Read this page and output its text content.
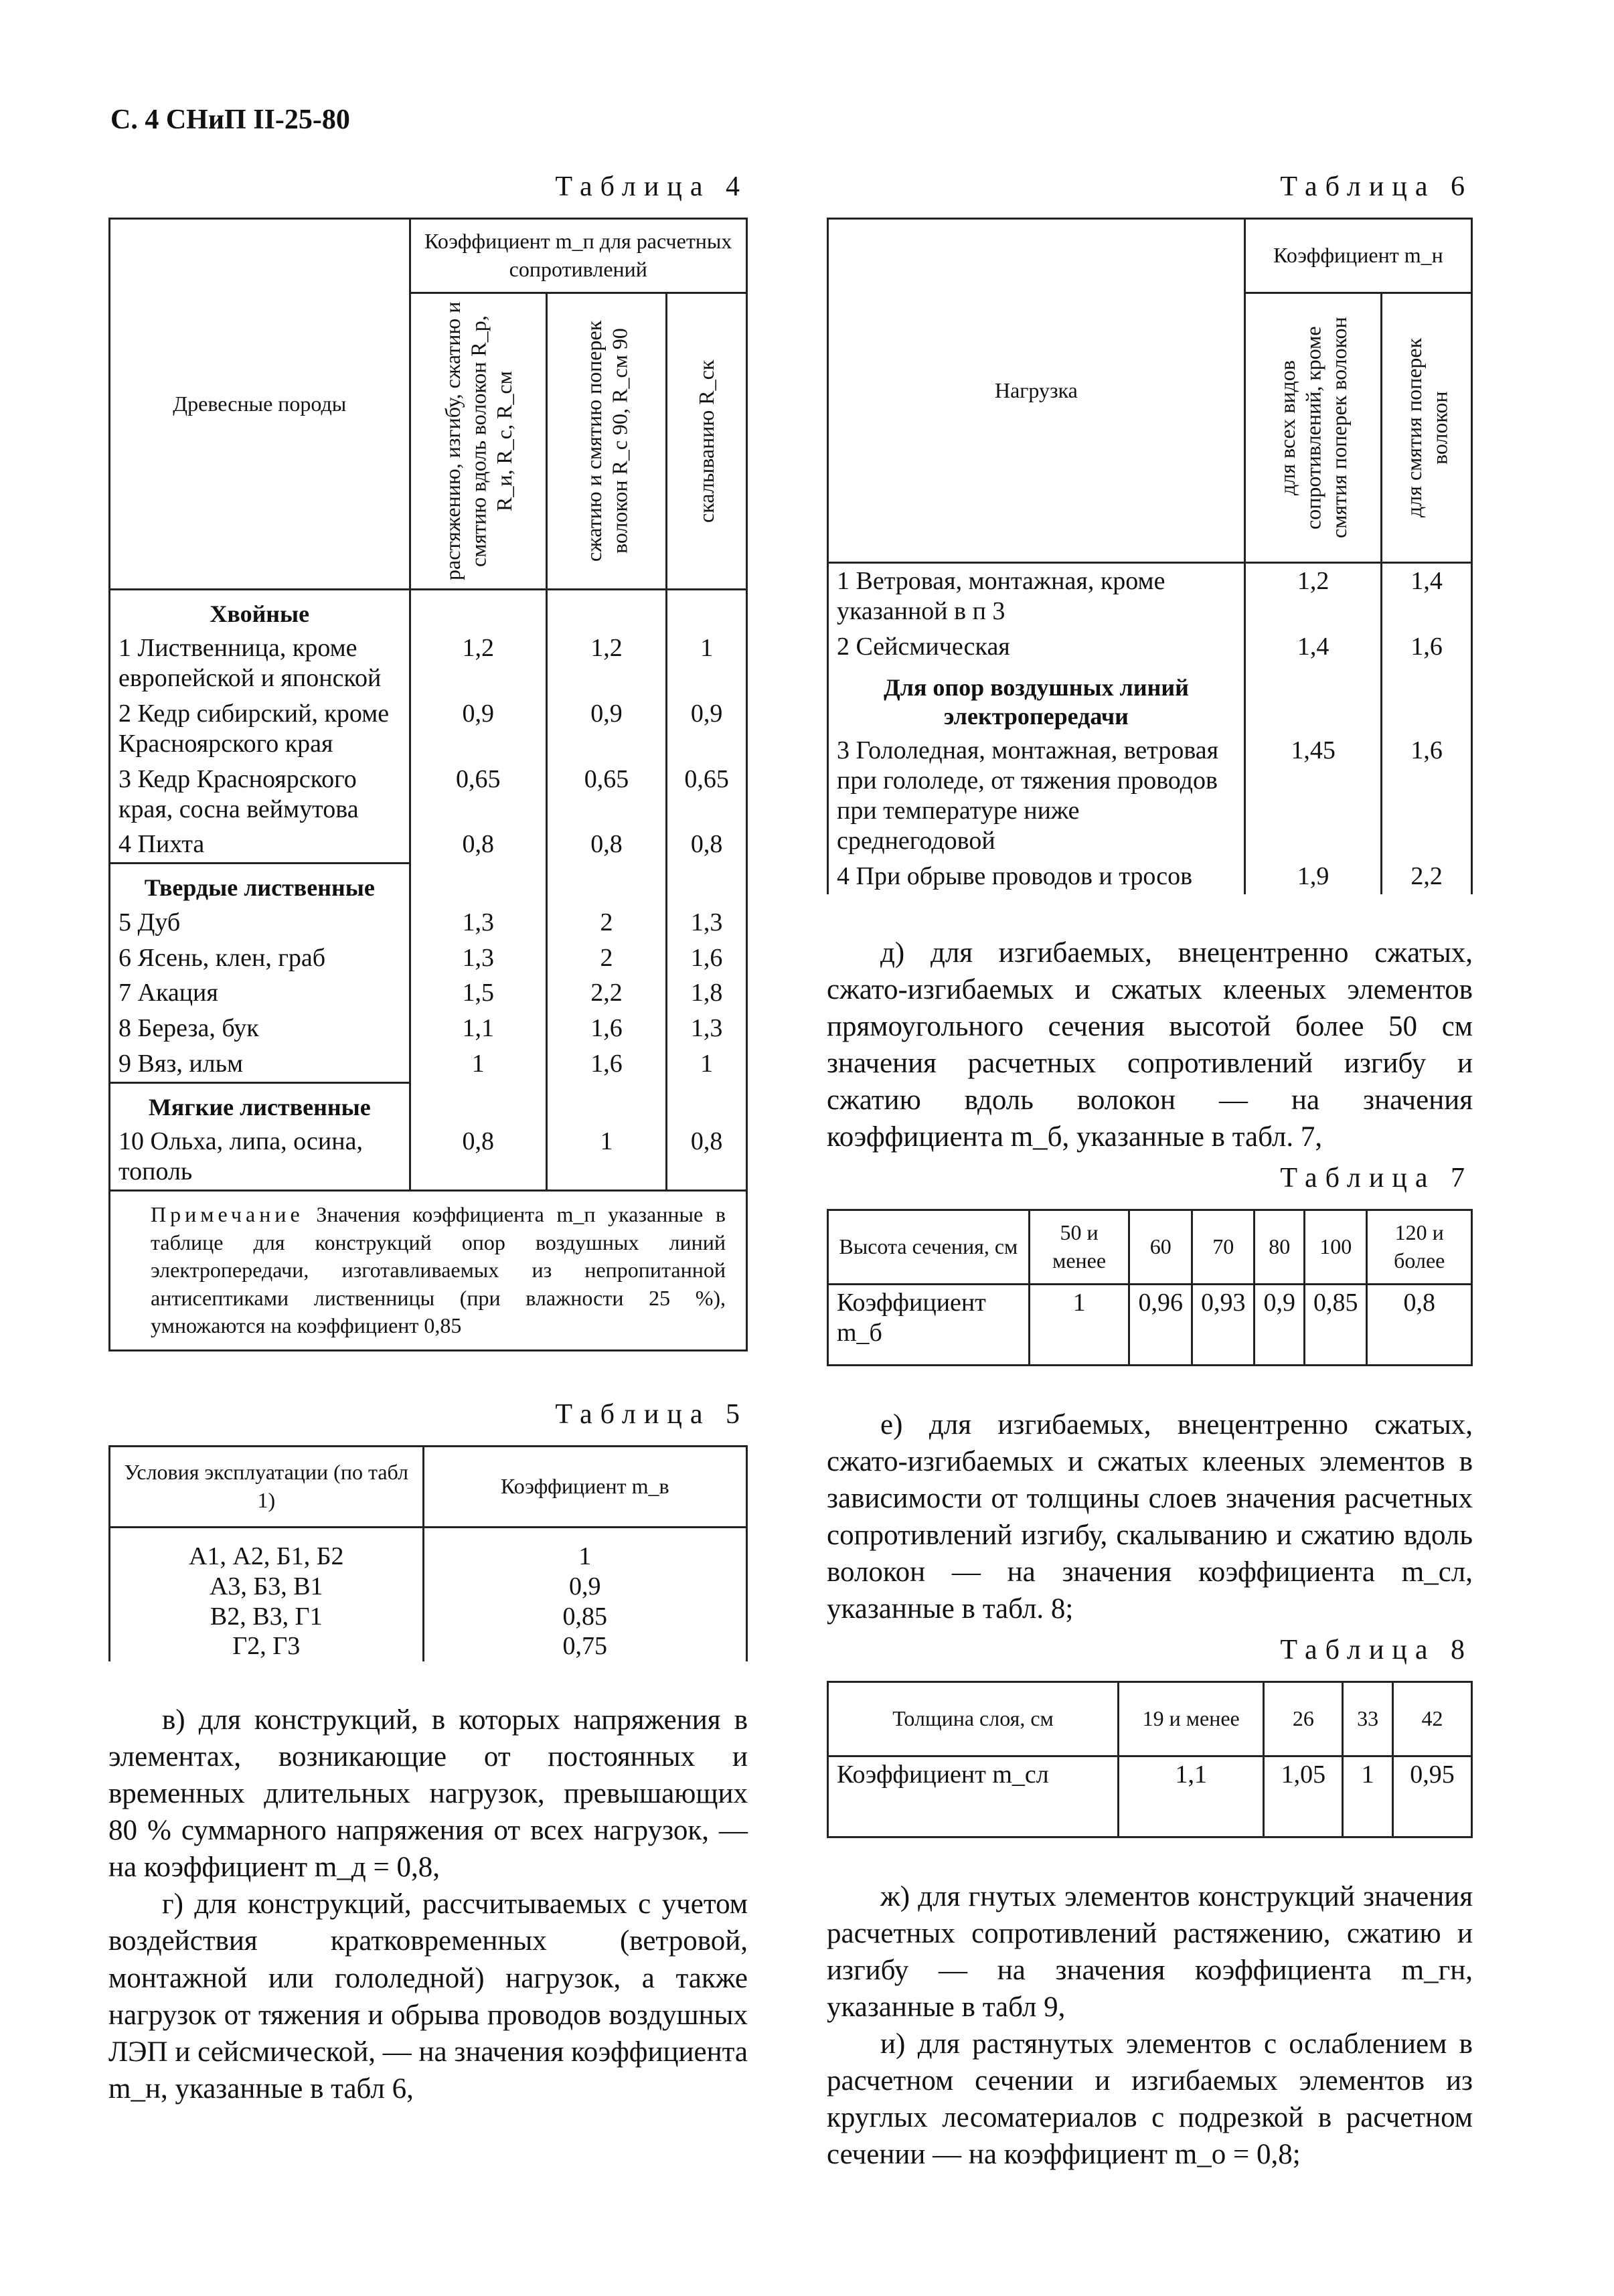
С. 4 СНиП II-25-80
Таблица 4
Древесные породы	Коэффициент m_п для расчетных сопротивлений		

	растяжению, изгибу, сжатию и смятию вдоль волокон R_р, R_и, R_с, R_см	сжатию и смятию поперек волокон R_с 90, R_см 90	скалыванию R_ск

Хвойные			
1 Лиственница, кроме европейской и японской	1,2	1,2	1
2 Кедр сибирский, кроме Красноярского края	0,9	0,9	0,9
3 Кедр Красноярского края, сосна веймутова	0,65	0,65	0,65
4 Пихта	0,8	0,8	0,8
Твердые лиственные			
5 Дуб	1,3	2	1,3
6 Ясень, клен, граб	1,3	2	1,6
7 Акация	1,5	2,2	1,8
8 Береза, бук	1,1	1,6	1,3
9 Вяз, ильм	1	1,6	1
Мягкие лиственные			
10 Ольха, липа, осина, тополь	0,8	1	0,8
Примечание Значения коэффициента m_п указанные в таблице для конструкций опор воздушных линий электропередачи, изготавливаемых из непропитанной антисептиками лиственницы (при влажности 25 %), умножаются на коэффициент 0,85			
Таблица 5
Условия эксплуатации (по табл 1)	Коэффициент m_в
А1, А2, Б1, Б2	1
А3, Б3, В1	0,9
В2, В3, Г1	0,85
Г2, Г3	0,75
в) для конструкций, в которых напряжения в элементах, возникающие от постоянных и временных длительных нагрузок, превышающих 80 % суммарного напряжения от всех нагрузок, — на коэффициент m_д = 0,8,
г) для конструкций, рассчитываемых с учетом воздействия кратковременных (ветровой, монтажной или гололедной) нагрузок, а также нагрузок от тяжения и обрыва проводов воздушных ЛЭП и сейсмической, — на значения коэффициента m_н, указанные в табл 6,
Таблица 6
Нагрузка	Коэффициент m_н	

	для всех видов сопротивлений, кроме смятия поперек волокон	для смятия поперек волокон

1 Ветровая, монтажная, кроме указанной в п 3	1,2	1,4
2 Сейсмическая	1,4	1,6
Для опор воздушных линий электропередачи		
3 Гололедная, монтажная, ветровая при гололеде, от тяжения проводов при температуре ниже среднегодовой	1,45	1,6
4 При обрыве проводов и тросов	1,9	2,2
д) для изгибаемых, внецентренно сжатых, сжато-изгибаемых и сжатых клееных элементов прямоугольного сечения высотой более 50 см значения расчетных сопротивлений изгибу и сжатию вдоль волокон — на значения коэффициента m_б, указанные в табл. 7,
Таблица 7
Высота сечения, см	50 и менее	60	70	80	100	120 и более
Коэффициент m_б	1	0,96	0,93	0,9	0,85	0,8
е) для изгибаемых, внецентренно сжатых, сжато-изгибаемых и сжатых клееных элементов в зависимости от толщины слоев значения расчетных сопротивлений изгибу, скалыванию и сжатию вдоль волокон — на значения коэффициента m_сл, указанные в табл. 8;
Таблица 8
Толщина слоя, см	19 и менее	26	33	42
Коэффициент m_сл	1,1	1,05	1	0,95
ж) для гнутых элементов конструкций значения расчетных сопротивлений растяжению, сжатию и изгибу — на значения коэффициента m_гн, указанные в табл 9,
и) для растянутых элементов с ослаблением в расчетном сечении и изгибаемых элементов из круглых лесоматериалов с подрезкой в расчетном сечении — на коэффициент m_о = 0,8;
